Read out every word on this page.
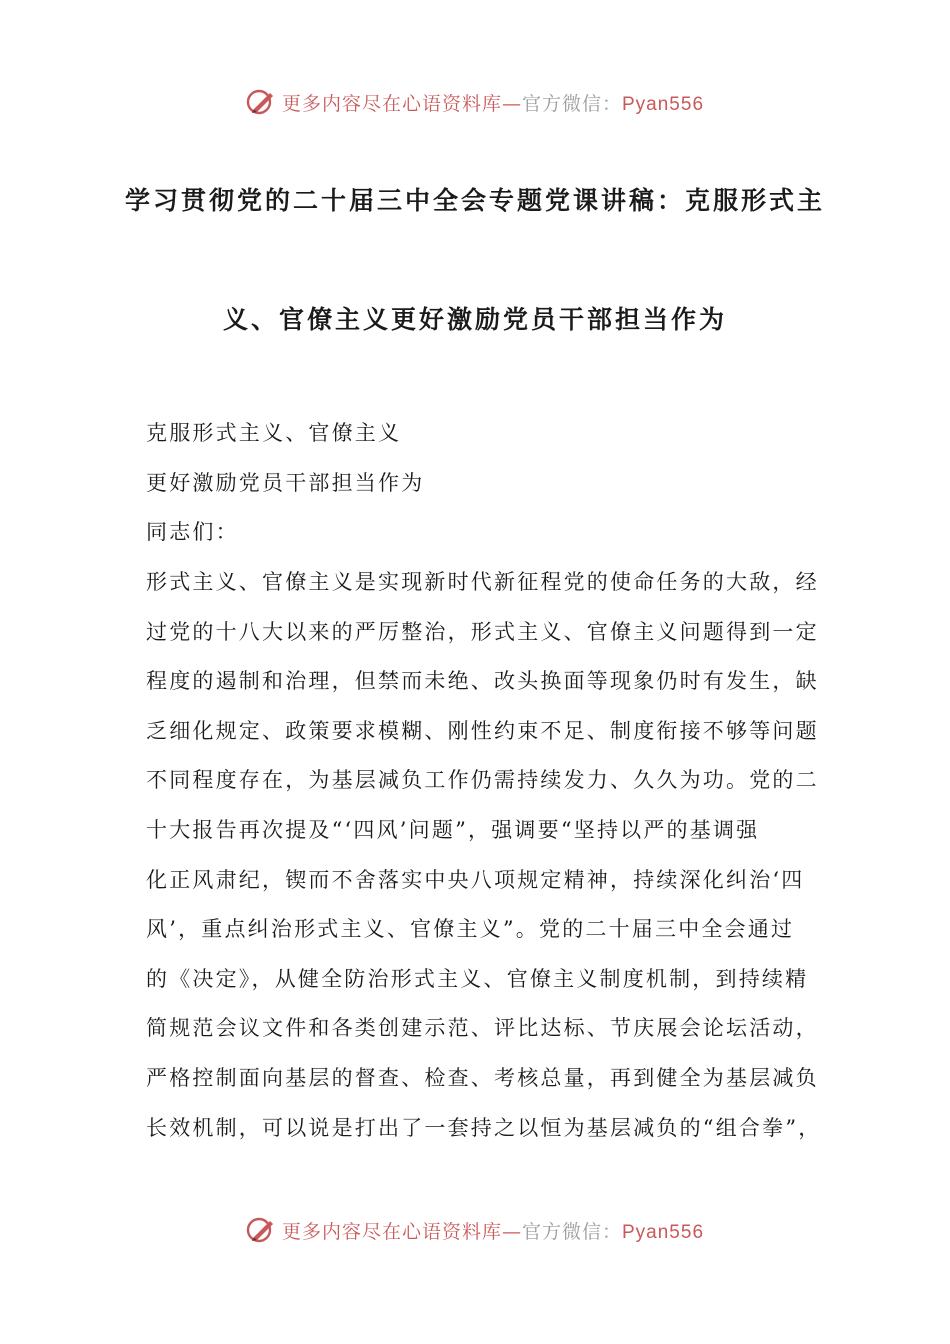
更多内容尽在心语资料库—官方微信：Pyan556
学习贯彻党的二十届三中全会专题党课讲稿：克服形式主
义、官僚主义更好激励党员干部担当作为
克服形式主义、官僚主义
更好激励党员干部担当作为
同志们：
形式主义、官僚主义是实现新时代新征程党的使命任务的大敌，经
过党的十八大以来的严厉整治，形式主义、官僚主义问题得到一定
程度的遏制和治理，但禁而未绝、改头换面等现象仍时有发生，缺
乏细化规定、政策要求模糊、刚性约束不足、制度衔接不够等问题
不同程度存在，为基层减负工作仍需持续发力、久久为功。党的二
十大报告再次提及“‘四风’问题”，强调要“坚持以严的基调强
化正风肃纪，锲而不舍落实中央八项规定精神，持续深化纠治‘四
风’，重点纠治形式主义、官僚主义”。党的二十届三中全会通过
的《决定》，从健全防治形式主义、官僚主义制度机制，到持续精
简规范会议文件和各类创建示范、评比达标、节庆展会论坛活动，
严格控制面向基层的督查、检查、考核总量，再到健全为基层减负
长效机制，可以说是打出了一套持之以恒为基层减负的“组合拳”，
更多内容尽在心语资料库—官方微信：Pyan556
